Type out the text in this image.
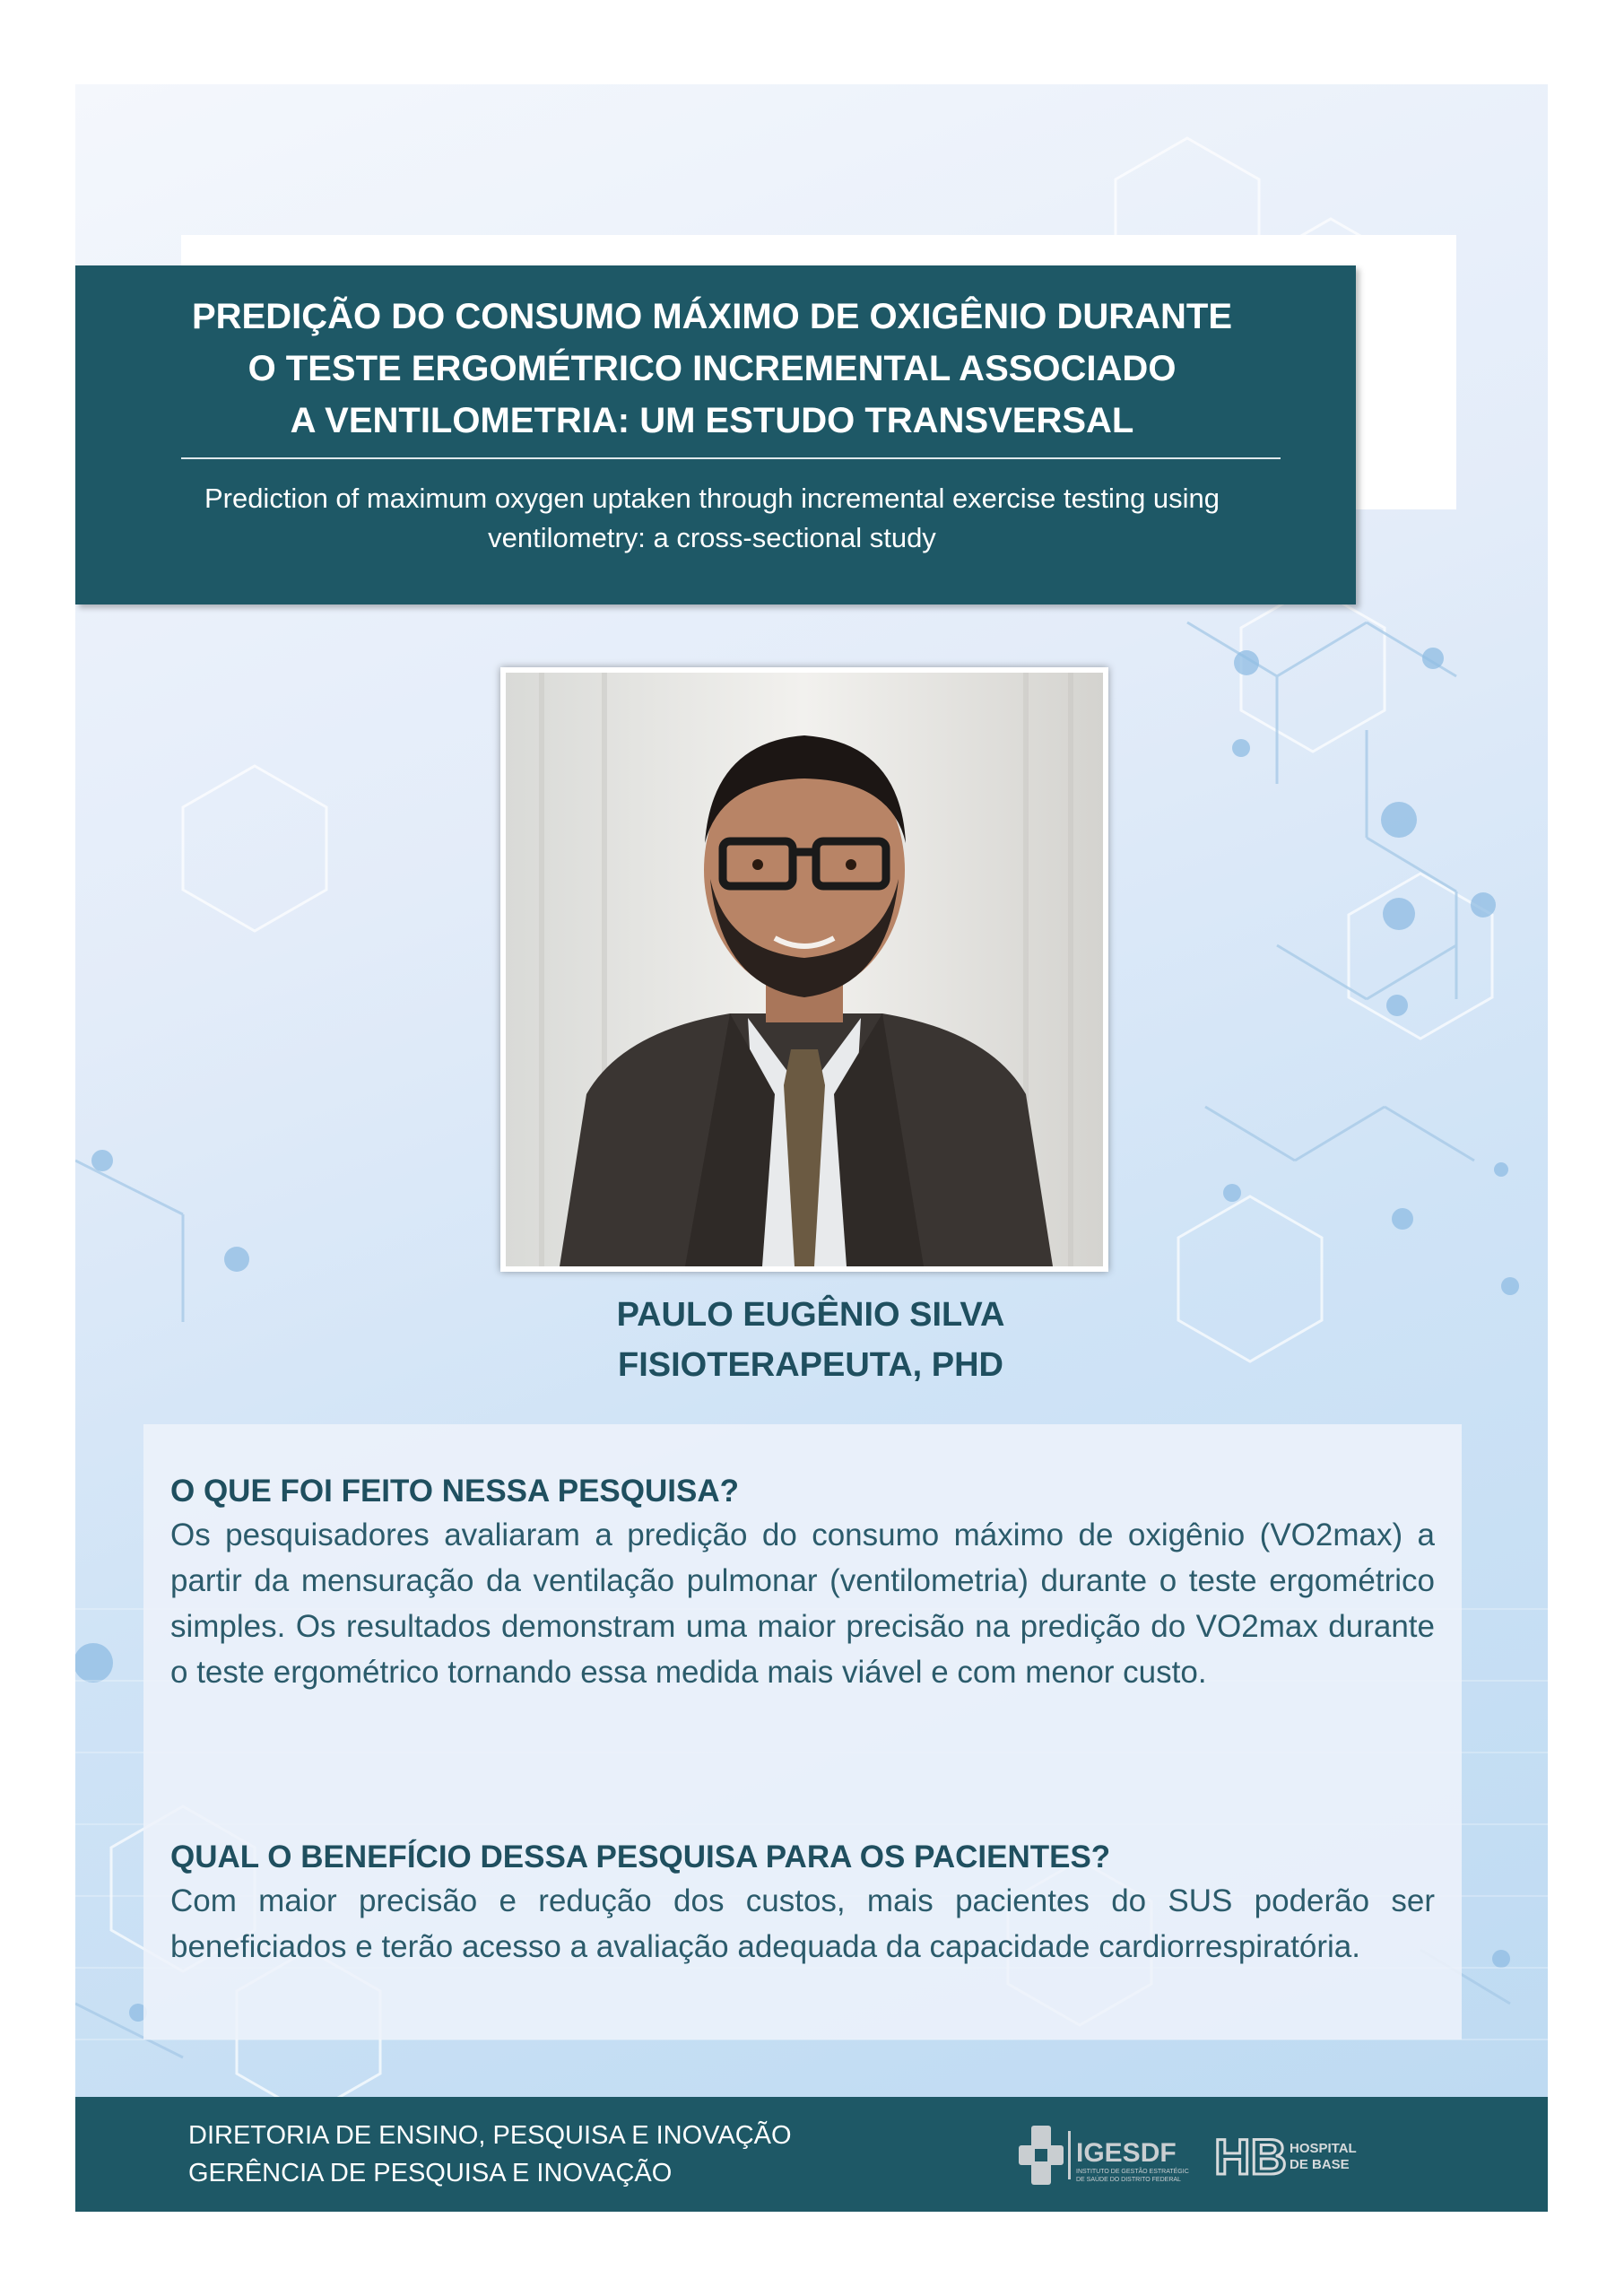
PREDIÇÃO DO CONSUMO MÁXIMO DE OXIGÊNIO DURANTE
O TESTE ERGOMÉTRICO INCREMENTAL ASSOCIADO
A VENTILOMETRIA: UM ESTUDO TRANSVERSAL
Prediction of maximum oxygen uptaken through incremental exercise testing using
ventilometry: a cross-sectional study
PAULO EUGÊNIO SILVA
FISIOTERAPEUTA, PHD
O QUE FOI FEITO NESSA PESQUISA?
Os pesquisadores avaliaram a predição do consumo máximo de oxigênio (VO2max) a partir da mensuração da ventilação pulmonar (ventilometria) durante o teste ergométrico simples. Os resultados demonstram uma maior precisão na predição do VO2max durante o teste ergométrico tornando essa medida mais viável e com menor custo.
QUAL O BENEFÍCIO DESSA PESQUISA PARA OS PACIENTES?
Com maior precisão e redução dos custos, mais pacientes do SUS poderão ser beneficiados e terão acesso a avaliação adequada da capacidade cardiorrespiratória.
DIRETORIA DE ENSINO, PESQUISA E INOVAÇÃO
GERÊNCIA DE PESQUISA E INOVAÇÃO
IGESDF
INSTITUTO DE GESTÃO ESTRATÉGICA
DE SAÚDE DO DISTRITO FEDERAL HB HOSPITAL
DE BASE
